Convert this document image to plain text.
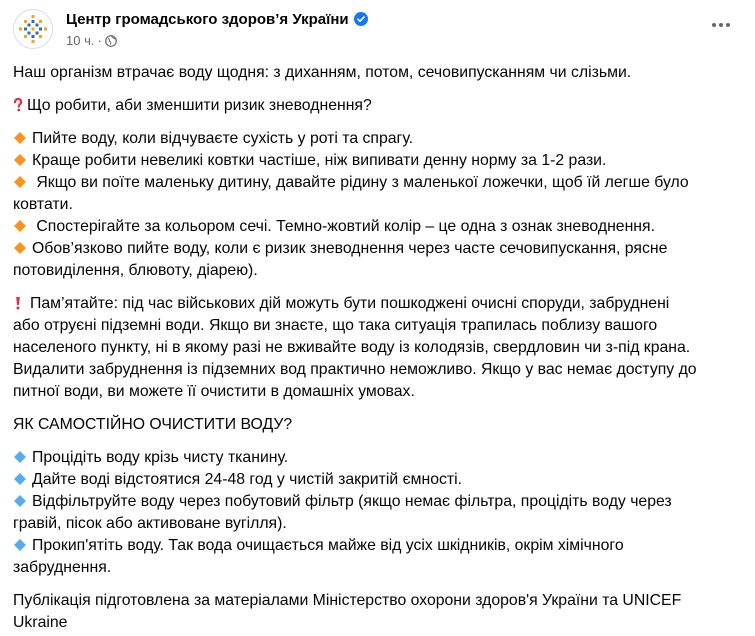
Центр громадського здоров’я України
10 ч. ·
Наш організм втрачає воду щодня: з диханням, потом, сечовипусканням чи слізьми.
Що робити, аби зменшити ризик зневоднення?
Пийте воду, коли відчуваєте сухість у роті та спрагу.
Краще робити невеликі ковтки частіше, ніж випивати денну норму за 1-2 рази.
Якщо ви поїте маленьку дитину, давайте рідину з маленької ложечки, щоб їй легше було
ковтати.
Спостерігайте за кольором сечі. Темно-жовтий колір – це одна з ознак зневоднення.
Обов’язково пийте воду, коли є ризик зневоднення через часте сечовипускання, рясне
потовиділення, блювоту, діарею).
Пам’ятайте: під час військових дій можуть бути пошкоджені очисні споруди, забруднені
або отруєні підземні води. Якщо ви знаєте, що така ситуація трапилась поблизу вашого
населеного пункту, ні в якому разі не вживайте воду із колодязів, свердловин чи з-під крана.
Видалити забруднення із підземних вод практично неможливо. Якщо у вас немає доступу до
питної води, ви можете її очистити в домашніх умовах.
ЯК САМОСТІЙНО ОЧИСТИТИ ВОДУ?
Процідіть воду крізь чисту тканину.
Дайте воді відстоятися 24-48 год у чистій закритій ємності.
Відфільтруйте воду через побутовий фільтр (якщо немає фільтра, процідіть воду через
гравій, пісок або активоване вугілля).
Прокип'ятіть воду. Так вода очищається майже від усіх шкідників, окрім хімічного
забруднення.
Публікація підготовлена за матеріалами Міністерство охорони здоров'я України та UNICEF
Ukraine
